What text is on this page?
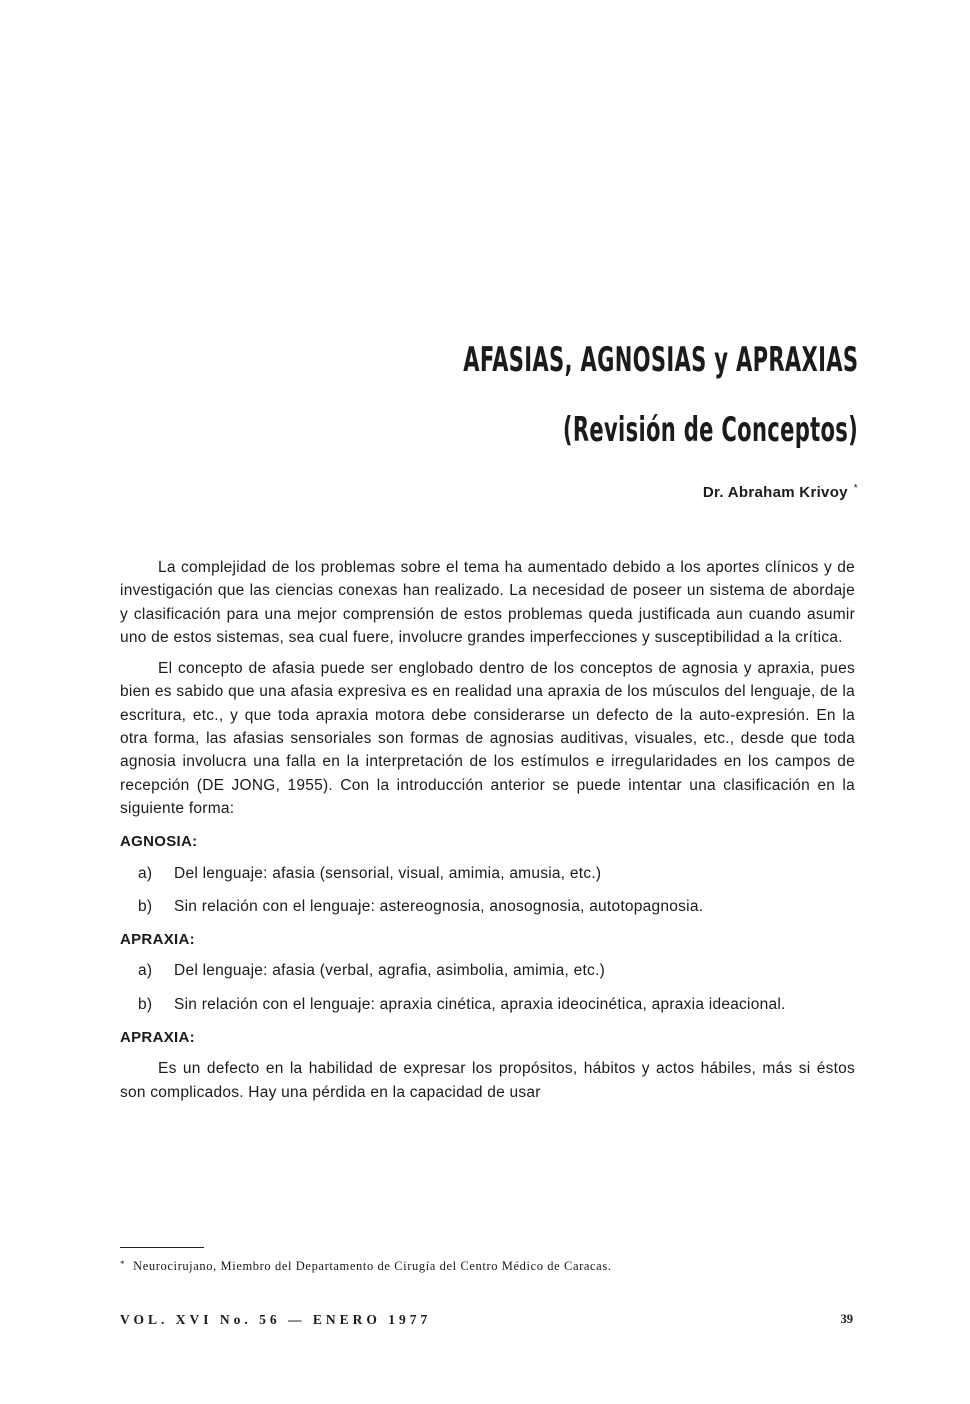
AFASIAS, AGNOSIAS y APRAXIAS
(Revisión de Conceptos)
Dr. Abraham Krivoy *

La complejidad de los problemas sobre el tema ha aumentado debido a los aportes clínicos y de investigación que las ciencias conexas han realizado. La necesidad de poseer un sistema de abordaje y clasificación para una mejor comprensión de estos problemas queda justificada aun cuando asumir uno de estos sistemas, sea cual fuere, involucre grandes imperfecciones y susceptibilidad a la crítica.

El concepto de afasia puede ser englobado dentro de los conceptos de agnosia y apraxia, pues bien es sabido que una afasia expresiva es en realidad una apraxia de los músculos del lenguaje, de la escritura, etc., y que toda apraxia motora debe considerarse un defecto de la auto-expresión. En la otra forma, las afasias sensoriales son formas de agnosias auditivas, visuales, etc., desde que toda agnosia involucra una falla en la interpretación de los estímulos e irregularidades en los campos de recepción (DE JONG, 1955). Con la introducción anterior se puede intentar una clasificación en la siguiente forma:

AGNOSIA:
a) Del lenguaje: afasia (sensorial, visual, amimia, amusia, etc.)
b) Sin relación con el lenguaje: astereognosia, anosognosia, autotopagnosia.
APRAXIA:
a) Del lenguaje: afasia (verbal, agrafia, asimbolia, amimia, etc.)
b) Sin relación con el lenguaje: apraxia cinética, apraxia ideocinética, apraxia ideacional.
APRAXIA:

Es un defecto en la habilidad de expresar los propósitos, hábitos y actos hábiles, más si éstos son complicados. Hay una pérdida en la capacidad de usar

* Neurocirujano, Miembro del Departamento de Cirugía del Centro Médico de Caracas.
VOL. XVI No. 56 — ENERO 1977	39
